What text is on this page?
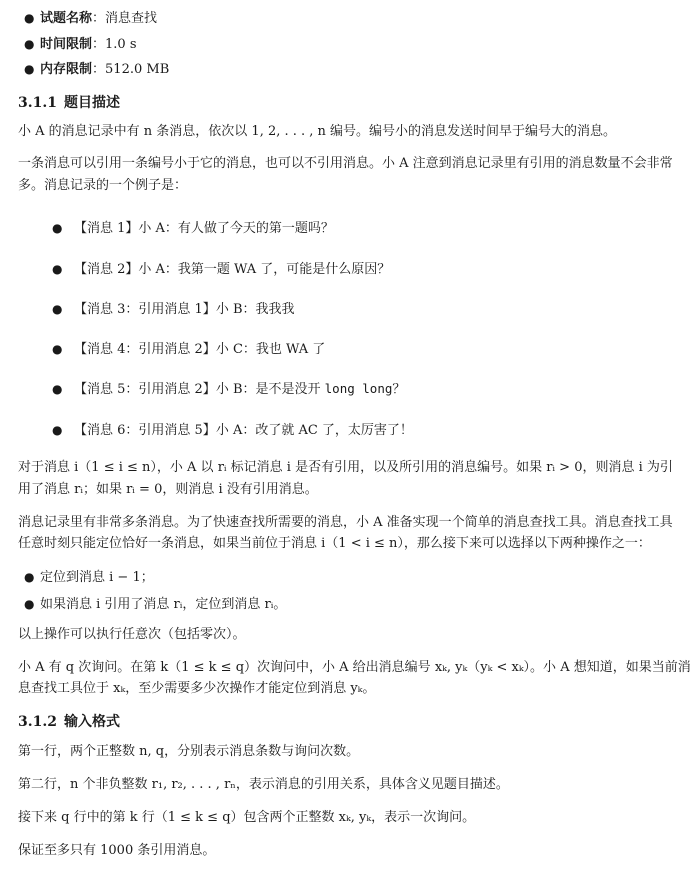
● 试题名称：消息查找
● 时间限制：1.0 s
● 内存限制：512.0 MB
3.1.1 题目描述
小 A 的消息记录中有 n 条消息，依次以 1, 2, . . . , n 编号。编号小的消息发送时间早于编号大的消息。
一条消息可以引用一条编号小于它的消息，也可以不引用消息。小 A 注意到消息记录里有引用的消息数量不会非常
多。消息记录的一个例子是：
● 【消息 1】小 A：有人做了今天的第一题吗？
● 【消息 2】小 A：我第一题 WA 了，可能是什么原因？
● 【消息 3：引用消息 1】小 B：我我我
● 【消息 4：引用消息 2】小 C：我也 WA 了
● 【消息 5：引用消息 2】小 B：是不是没开 long long？
● 【消息 6：引用消息 5】小 A：改了就 AC 了，太厉害了！
对于消息 i（1 ≤ i ≤ n），小 A 以 rᵢ 标记消息 i 是否有引用，以及所引用的消息编号。如果 rᵢ > 0，则消息 i 为引
用了消息 rᵢ；如果 rᵢ = 0，则消息 i 没有引用消息。
消息记录里有非常多条消息。为了快速查找所需要的消息，小 A 准备实现一个简单的消息查找工具。消息查找工具
任意时刻只能定位恰好一条消息，如果当前位于消息 i（1 < i ≤ n），那么接下来可以选择以下两种操作之一：
● 定位到消息 i − 1；
● 如果消息 i 引用了消息 rᵢ，定位到消息 rᵢ。
以上操作可以执行任意次（包括零次）。
小 A 有 q 次询问。在第 k（1 ≤ k ≤ q）次询问中，小 A 给出消息编号 xₖ, yₖ（yₖ < xₖ）。小 A 想知道，如果当前消
息查找工具位于 xₖ，至少需要多少次操作才能定位到消息 yₖ。
3.1.2 输入格式
第一行，两个正整数 n, q，分别表示消息条数与询问次数。
第二行，n 个非负整数 r₁, r₂, . . . , rₙ，表示消息的引用关系，具体含义见题目描述。
接下来 q 行中的第 k 行（1 ≤ k ≤ q）包含两个正整数 xₖ, yₖ，表示一次询问。
保证至多只有 1000 条引用消息。
